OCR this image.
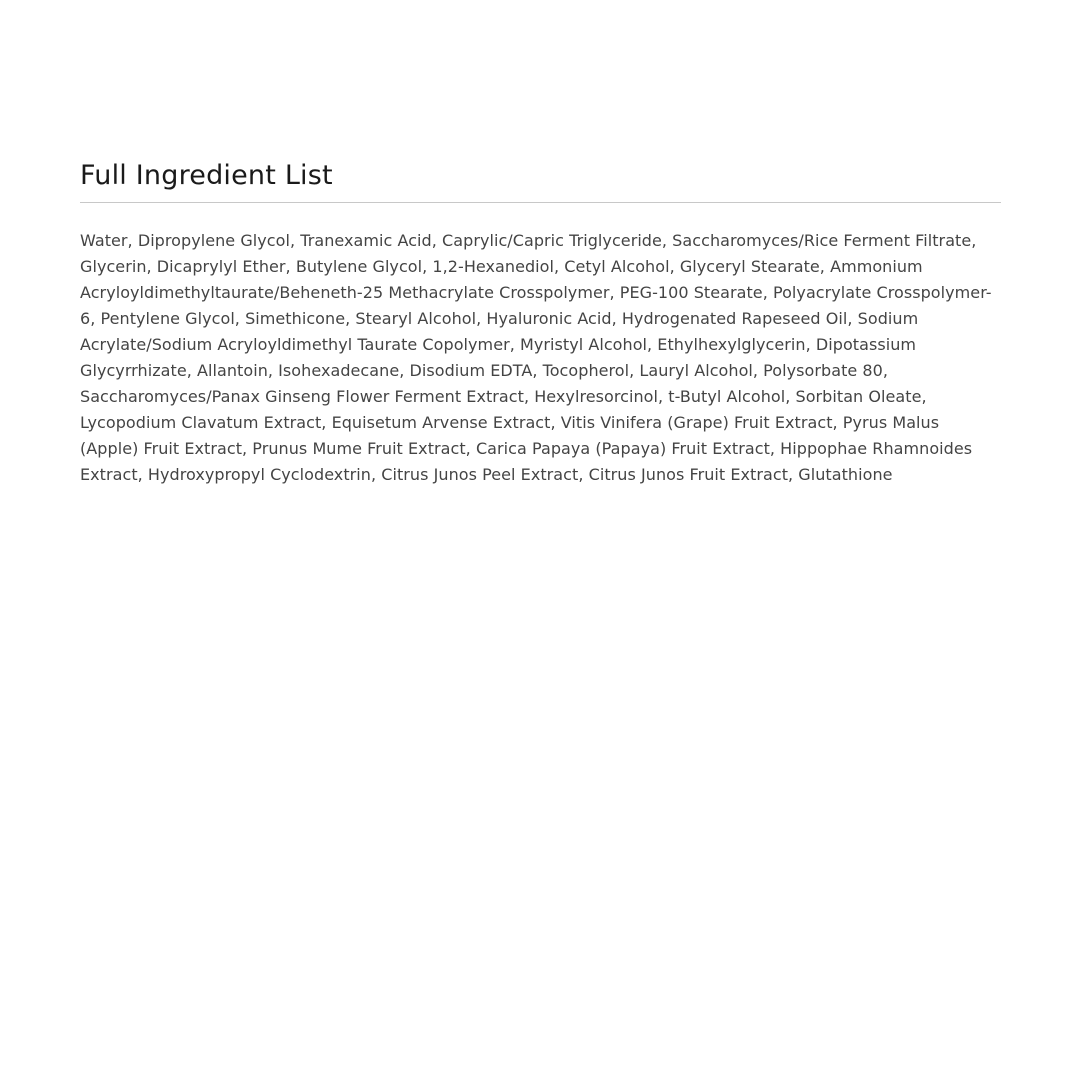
Full Ingredient List

Water, Dipropylene Glycol, Tranexamic Acid, Caprylic/Capric Triglyceride, Saccharomyces/Rice Ferment Filtrate, Glycerin, Dicaprylyl Ether, Butylene Glycol, 1,2-Hexanediol, Cetyl Alcohol, Glyceryl Stearate, Ammonium Acryloyldimethyltaurate/Beheneth-25 Methacrylate Crosspolymer, PEG-100 Stearate, Polyacrylate Crosspolymer-6, Pentylene Glycol, Simethicone, Stearyl Alcohol, Hyaluronic Acid, Hydrogenated Rapeseed Oil, Sodium Acrylate/Sodium Acryloyldimethyl Taurate Copolymer, Myristyl Alcohol, Ethylhexylglycerin, Dipotassium Glycyrrhizate, Allantoin, Isohexadecane, Disodium EDTA, Tocopherol, Lauryl Alcohol, Polysorbate 80, Saccharomyces/Panax Ginseng Flower Ferment Extract, Hexylresorcinol, t-Butyl Alcohol, Sorbitan Oleate, Lycopodium Clavatum Extract, Equisetum Arvense Extract, Vitis Vinifera (Grape) Fruit Extract, Pyrus Malus (Apple) Fruit Extract, Prunus Mume Fruit Extract, Carica Papaya (Papaya) Fruit Extract, Hippophae Rhamnoides Extract, Hydroxypropyl Cyclodextrin, Citrus Junos Peel Extract, Citrus Junos Fruit Extract, Glutathione
